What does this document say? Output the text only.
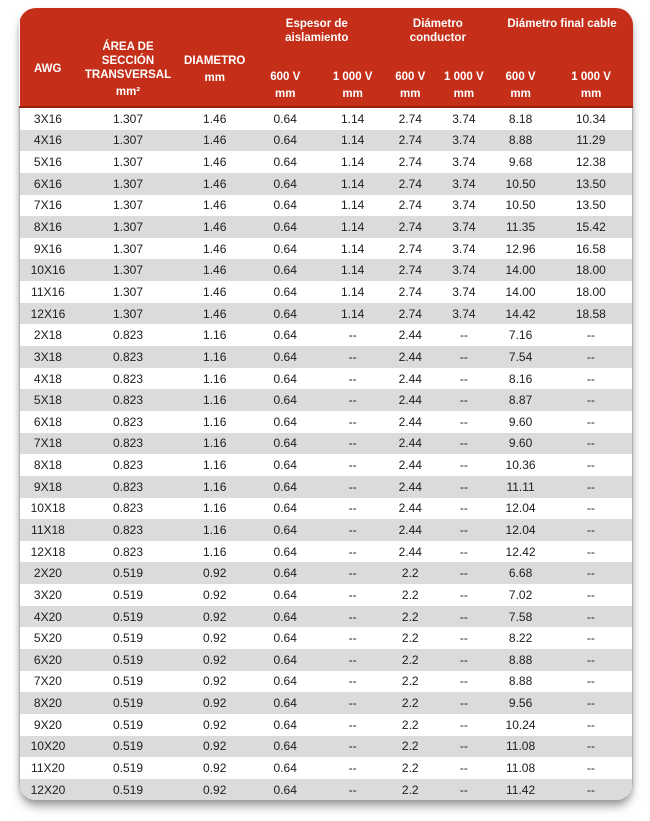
AWG

ÁREA DE SECCIÓN TRANSVERSAL
mm²

DIAMETRO
mm

Espesor de aislamiento

Diámetro conductor

Diámetro final cable

600 V
mm

1 000 V
mm

600 V
mm

1 000 V
mm

600 V
mm

1 000 V
mm

3X16	1.307	1.46	0.64	1.14	2.74	3.74	8.18	10.34
4X16	1.307	1.46	0.64	1.14	2.74	3.74	8.88	11.29
5X16	1.307	1.46	0.64	1.14	2.74	3.74	9.68	12.38
6X16	1.307	1.46	0.64	1.14	2.74	3.74	10.50	13.50
7X16	1.307	1.46	0.64	1.14	2.74	3.74	10.50	13.50
8X16	1.307	1.46	0.64	1.14	2.74	3.74	11.35	15.42
9X16	1.307	1.46	0.64	1.14	2.74	3.74	12.96	16.58
10X16	1.307	1.46	0.64	1.14	2.74	3.74	14.00	18.00
11X16	1.307	1.46	0.64	1.14	2.74	3.74	14.00	18.00
12X16	1.307	1.46	0.64	1.14	2.74	3.74	14.42	18.58
2X18	0.823	1.16	0.64	--	2.44	--	7.16	--
3X18	0.823	1.16	0.64	--	2.44	--	7.54	--
4X18	0.823	1.16	0.64	--	2.44	--	8.16	--
5X18	0.823	1.16	0.64	--	2.44	--	8.87	--
6X18	0.823	1.16	0.64	--	2.44	--	9.60	--
7X18	0.823	1.16	0.64	--	2.44	--	9.60	--
8X18	0.823	1.16	0.64	--	2.44	--	10.36	--
9X18	0.823	1.16	0.64	--	2.44	--	11.11	--
10X18	0.823	1.16	0.64	--	2.44	--	12.04	--
11X18	0.823	1.16	0.64	--	2.44	--	12.04	--
12X18	0.823	1.16	0.64	--	2.44	--	12.42	--
2X20	0.519	0.92	0.64	--	2.2	--	6.68	--
3X20	0.519	0.92	0.64	--	2.2	--	7.02	--
4X20	0.519	0.92	0.64	--	2.2	--	7.58	--
5X20	0.519	0.92	0.64	--	2.2	--	8.22	--
6X20	0.519	0.92	0.64	--	2.2	--	8.88	--
7X20	0.519	0.92	0.64	--	2.2	--	8.88	--
8X20	0.519	0.92	0.64	--	2.2	--	9.56	--
9X20	0.519	0.92	0.64	--	2.2	--	10.24	--
10X20	0.519	0.92	0.64	--	2.2	--	11.08	--
11X20	0.519	0.92	0.64	--	2.2	--	11.08	--
12X20	0.519	0.92	0.64	--	2.2	--	11.42	--
